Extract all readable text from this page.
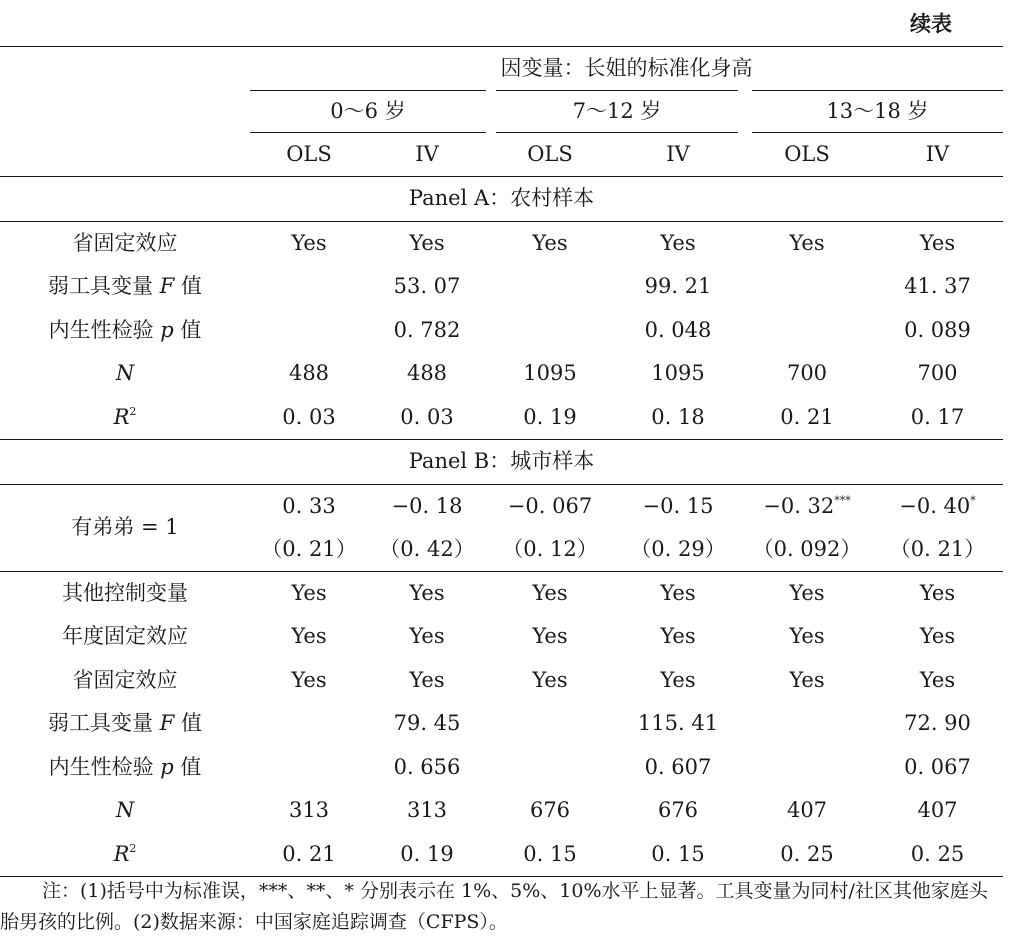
续表
	因变量：长姐的标准化身高					

0～6 岁 7～12 岁 13～18 岁					

	OLS	IV	OLS	IV	OLS	IV
Panel A：农村样本						
省固定效应	Yes	Yes	Yes	Yes	Yes	Yes
弱工具变量 F 值		53. 07		99. 21		41. 37
内生性检验 p 值		0. 782		0. 048		0. 089
N	488	488	1095	1095	700	700
$R^2$	0. 03	0. 03	0. 19	0. 18	0. 21	0. 17
Panel B：城市样本						
有弟弟 = 1	0. 33	−0. 18	−0. 067	−0. 15	−0. 32***	−0. 40*
	（0. 21）	（0. 42）	（0. 12）	（0. 29）	（0. 092）	（0. 21）
其他控制变量	Yes	Yes	Yes	Yes	Yes	Yes
年度固定效应	Yes	Yes	Yes	Yes	Yes	Yes
省固定效应	Yes	Yes	Yes	Yes	Yes	Yes
弱工具变量 F 值		79. 45		115. 41		72. 90
内生性检验 p 值		0. 656		0. 607		0. 067
N	313	313	676	676	407	407
$R^2$	0. 21	0. 19	0. 15	0. 15	0. 25	0. 25
注：(1)括号中为标准误，***、**、* 分别表示在 1%、5%、10%水平上显著。工具变量为同村/社区其他家庭头胎男孩的比例。(2)数据来源：中国家庭追踪调查（CFPS）。
